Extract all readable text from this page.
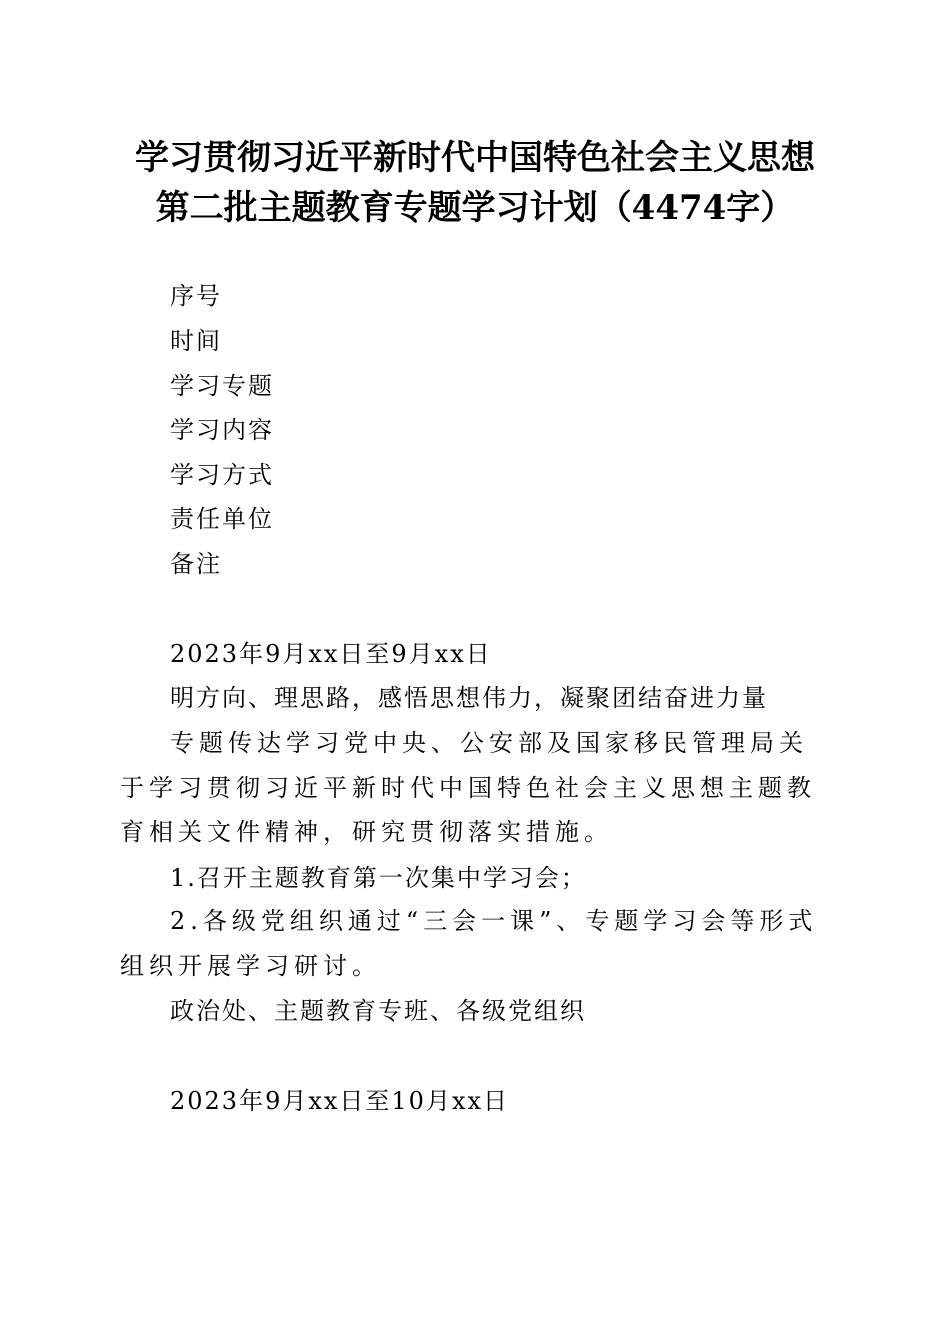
学习贯彻习近平新时代中国特色社会主义思想
第二批主题教育专题学习计划（4474字）
序号
时间
学习专题
学习内容
学习方式
责任单位
备注
2023年9月xx日至9月xx日
明方向、理思路，感悟思想伟力，凝聚团结奋进力量
专题传达学习党中央、公安部及国家移民管理局关于学习贯彻习近平新时代中国特色社会主义思想主题教育相关文件精神，研究贯彻落实措施。
1.召开主题教育第一次集中学习会；
2.各级党组织通过“三会一课”、专题学习会等形式组织开展学习研讨。
政治处、主题教育专班、各级党组织
2023年9月xx日至10月xx日
